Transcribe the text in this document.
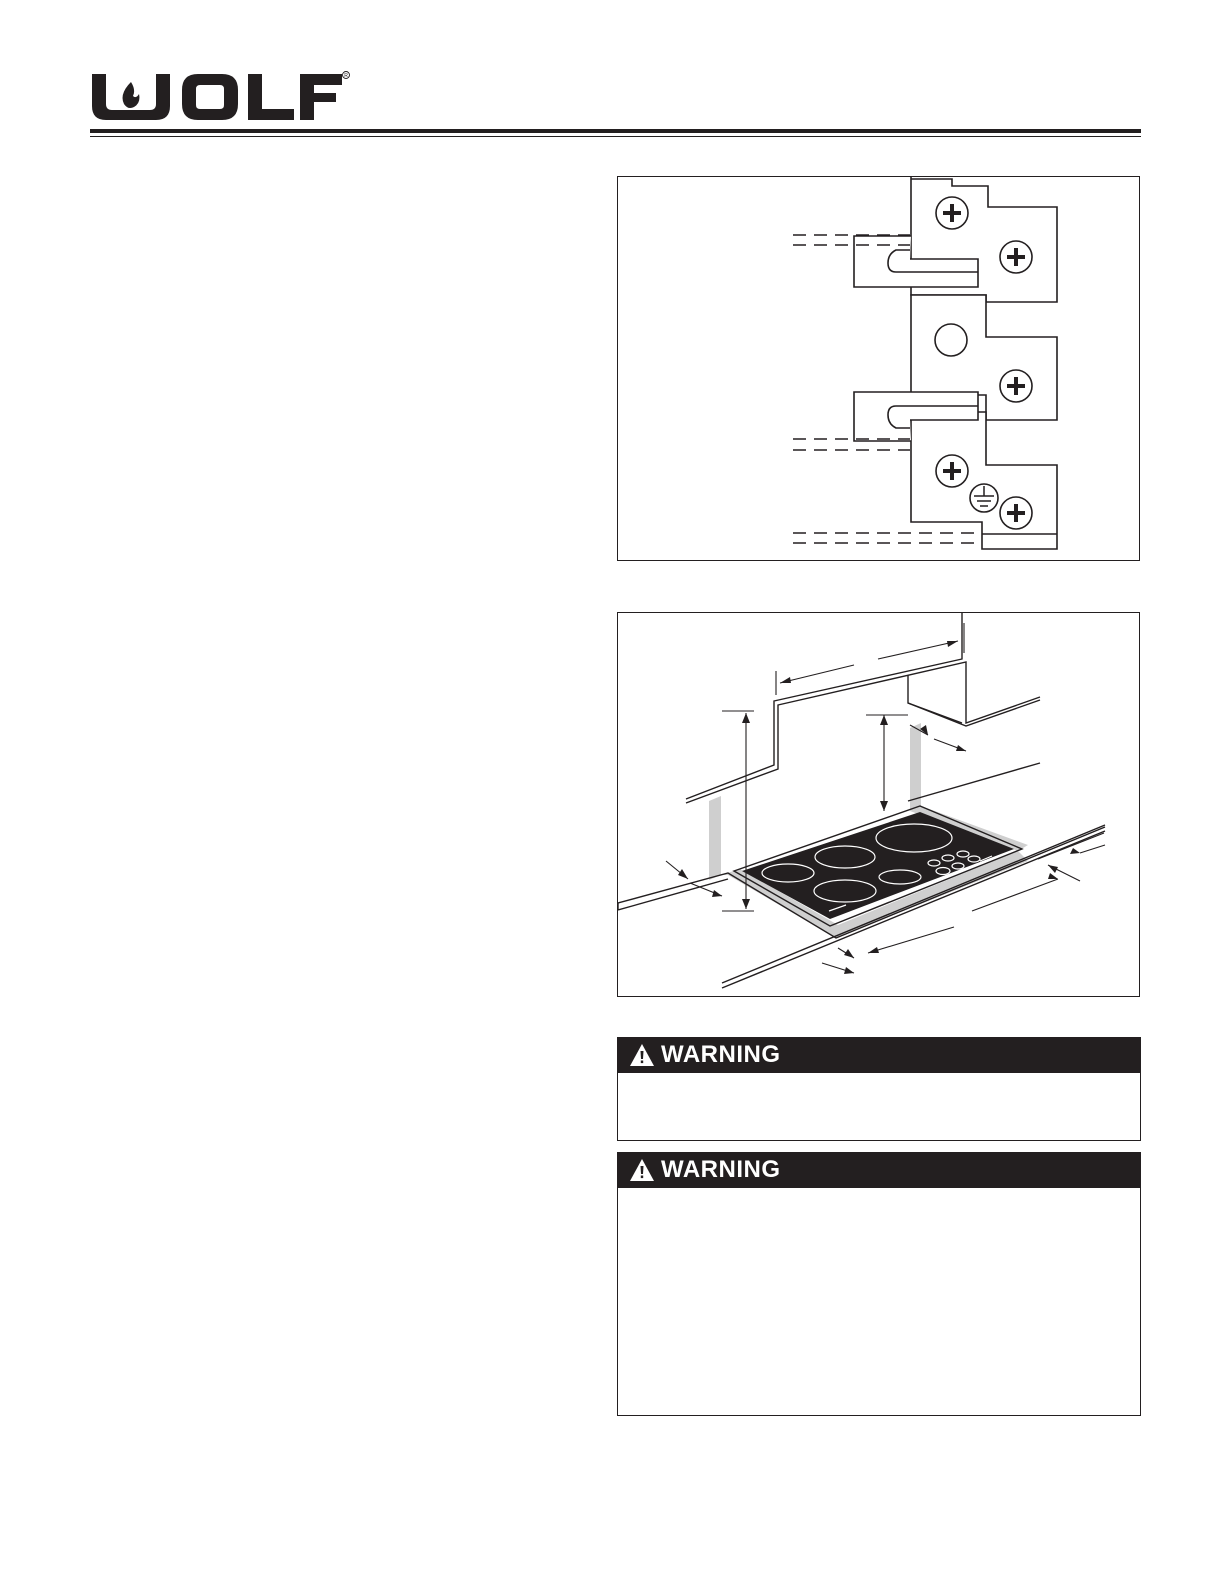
R
WARNING
WARNING
